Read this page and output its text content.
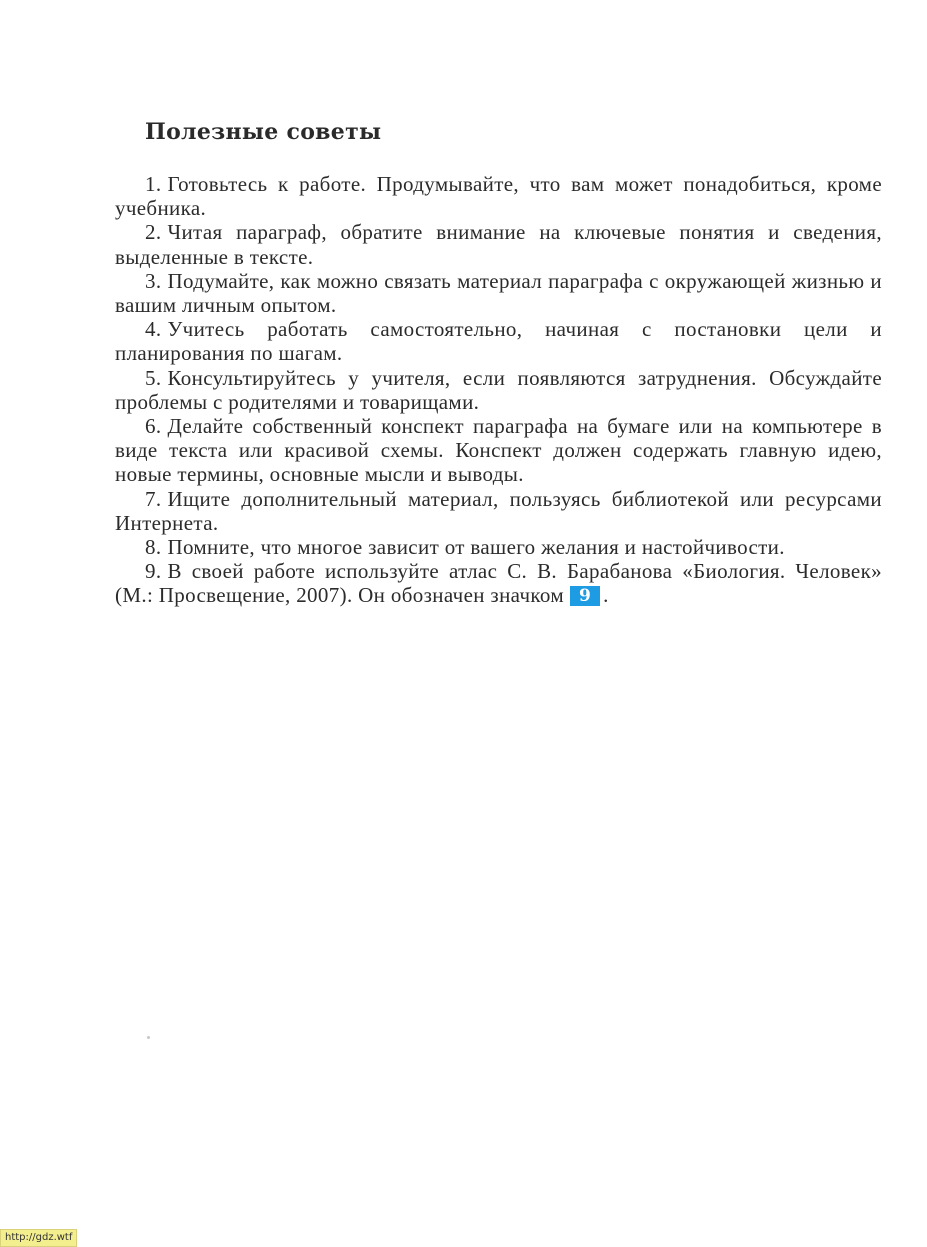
Полезные советы
1. Готовьтесь к работе. Продумывайте, что вам может понадобиться, кроме учебника.
2. Читая параграф, обратите внимание на ключевые понятия и сведения, выделенные в тексте.
3. Подумайте, как можно связать материал параграфа с окружающей жизнью и вашим личным опытом.
4. Учитесь работать самостоятельно, начиная с постановки цели и планирования по шагам.
5. Консультируйтесь у учителя, если появляются затруднения. Обсуждайте проблемы с родителями и товарищами.
6. Делайте собственный конспект параграфа на бумаге или на компьютере в виде текста или красивой схемы. Конспект должен содержать главную идею, новые термины, основные мысли и выводы.
7. Ищите дополнительный материал, пользуясь библиотекой или ресурсами Интернета.
8. Помните, что многое зависит от вашего желания и настойчивости.
9. В своей работе используйте атлас С. В. Барабанова «Биология. Человек» (М.: Просвещение, 2007). Он обозначен значком 9 .
http://gdz.wtf
